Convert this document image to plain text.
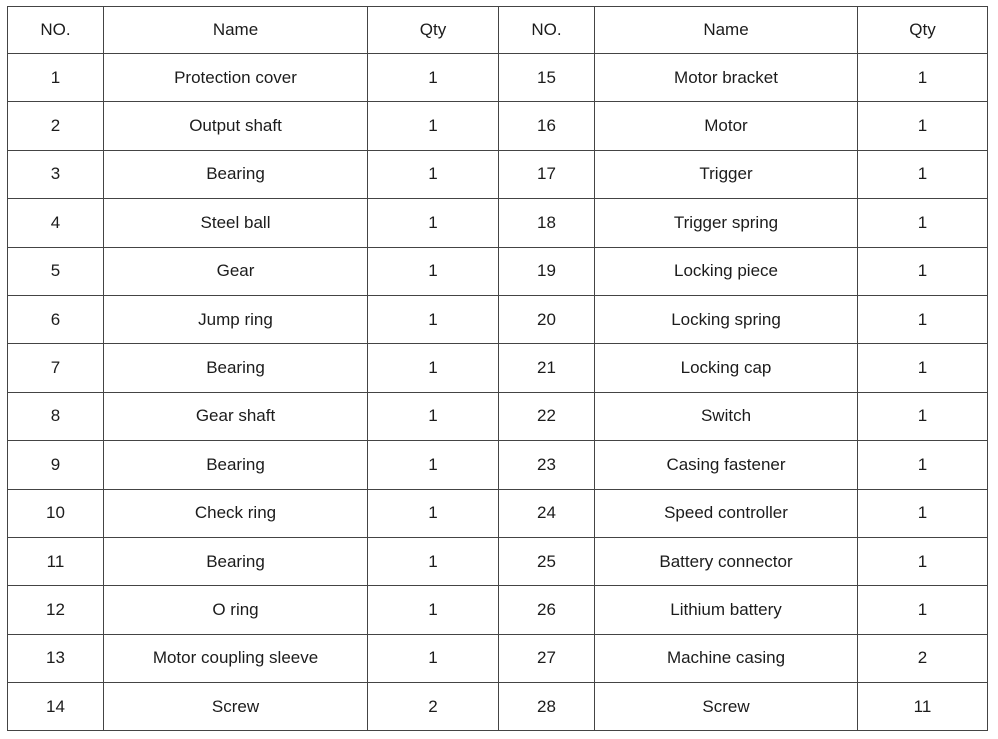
NO.	Name	Qty	NO.	Name	Qty
1	Protection cover	1	15	Motor bracket	1
2	Output shaft	1	16	Motor	1
3	Bearing	1	17	Trigger	1
4	Steel ball	1	18	Trigger spring	1
5	Gear	1	19	Locking piece	1
6	Jump ring	1	20	Locking spring	1
7	Bearing	1	21	Locking cap	1
8	Gear shaft	1	22	Switch	1
9	Bearing	1	23	Casing fastener	1
10	Check ring	1	24	Speed controller	1
11	Bearing	1	25	Battery connector	1
12	O ring	1	26	Lithium battery	1
13	Motor coupling sleeve	1	27	Machine casing	2
14	Screw	2	28	Screw	11
